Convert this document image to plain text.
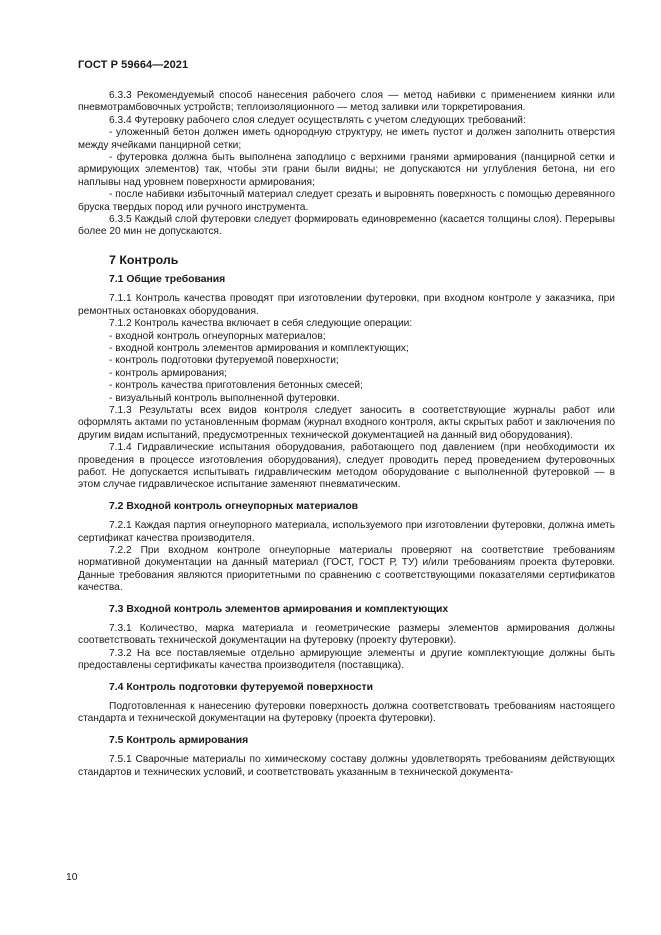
ГОСТ Р 59664—2021

6.3.3 Рекомендуемый способ нанесения рабочего слоя — метод набивки с применением киянки или пневмотрамбовочных устройств; теплоизоляционного — метод заливки или торкретирования.

6.3.4 Футеровку рабочего слоя следует осуществлять с учетом следующих требований:

- уложенный бетон должен иметь однородную структуру, не иметь пустот и должен заполнить отверстия между ячейками панцирной сетки;

- футеровка должна быть выполнена заподлицо с верхними гранями армирования (панцирной сетки и армирующих элементов) так, чтобы эти грани были видны; не допускаются ни углубления бетона, ни его наплывы над уровнем поверхности армирования;

- после набивки избыточный материал следует срезать и выровнять поверхность с помощью деревянного бруска твердых пород или ручного инструмента.

6.3.5 Каждый слой футеровки следует формировать единовременно (касается толщины слоя). Перерывы более 20 мин не допускаются.

7 Контроль
7.1 Общие требования

7.1.1 Контроль качества проводят при изготовлении футеровки, при входном контроле у заказчика, при ремонтных остановках оборудования.

7.1.2 Контроль качества включает в себя следующие операции:

- входной контроль огнеупорных материалов;

- входной контроль элементов армирования и комплектующих;

- контроль подготовки футеруемой поверхности;

- контроль армирования;

- контроль качества приготовления бетонных смесей;

- визуальный контроль выполненной футеровки.

7.1.3 Результаты всех видов контроля следует заносить в соответствующие журналы работ или оформлять актами по установленным формам (журнал входного контроля, акты скрытых работ и заключения по другим видам испытаний, предусмотренных технической документацией на данный вид оборудования).

7.1.4 Гидравлические испытания оборудования, работающего под давлением (при необходимости их проведения в процессе изготовления оборудования), следует проводить перед проведением футеровочных работ. Не допускается испытывать гидравлическим методом оборудование с выполненной футеровкой — в этом случае гидравлическое испытание заменяют пневматическим.

7.2 Входной контроль огнеупорных материалов

7.2.1 Каждая партия огнеупорного материала, используемого при изготовлении футеровки, должна иметь сертификат качества производителя.

7.2.2 При входном контроле огнеупорные материалы проверяют на соответствие требованиям нормативной документации на данный материал (ГОСТ, ГОСТ Р, ТУ) и/или требованиям проекта футеровки. Данные требования являются приоритетными по сравнению с соответствующими показателями сертификатов качества.

7.3 Входной контроль элементов армирования и комплектующих

7.3.1 Количество, марка материала и геометрические размеры элементов армирования должны соответствовать технической документации на футеровку (проекту футеровки).

7.3.2 На все поставляемые отдельно армирующие элементы и другие комплектующие должны быть предоставлены сертификаты качества производителя (поставщика).

7.4 Контроль подготовки футеруемой поверхности

Подготовленная к нанесению футеровки поверхность должна соответствовать требованиям настоящего стандарта и технической документации на футеровку (проекта футеровки).

7.5 Контроль армирования

7.5.1 Сварочные материалы по химическому составу должны удовлетворять требованиям действующих стандартов и технических условий, и соответствовать указанным в технической документа-

10
